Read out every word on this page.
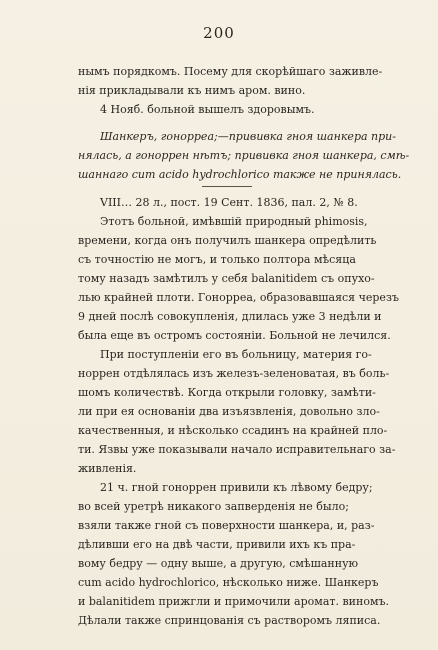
200
нымъ порядкомъ. Посему для скорѣйшаго заживле-
нія прикладывали къ нимъ аром. вино.
4 Нояб. больной вышелъ здоровымъ.
Шанкеръ, гонорреа;—прививка гноя шанкера при-
нялась, а гоноррен нѣтъ; прививка гноя шанкера, смѣ-
шаннаго cum acido hydrochlorico также не принялась.
VIII… 28 л., пост. 19 Сент. 1836, пал. 2, № 8.
Этотъ больной, имѣвшій природный phimosis,
времени, когда онъ получилъ шанкера опредѣлить
съ точностію не могъ, и только полтора мѣсяца
тому назадъ замѣтилъ у себя balanitidem съ опухо-
лью крайней плоти. Гонорреа, образовавшаяся черезъ
9 дней послѣ совокупленія, длилась уже 3 недѣли и
была еще въ остромъ состояніи. Больной не лечился.
При поступленіи его въ больницу, материя го-
норрен отдѣлялась изъ железъ-зеленоватая, въ боль-
шомъ количествѣ. Когда открыли головку, замѣти-
ли при ея основаніи два изъязвленія, довольно зло-
качественныя, и нѣсколько ссадинъ на крайней пло-
ти. Язвы уже показывали начало исправительнаго за-
живленія.
21 ч. гной гоноррен привили къ лѣвому бедру;
во всей уретрѣ никакого запверденія не было;
взяли также гной съ поверхности шанкера, и, раз-
дѣливши его на двѣ части, привили ихъ къ пра-
вому бедру — одну выше, а другую, смѣшанную
cum acido hydrochlorico, нѣсколько ниже. Шанкеръ
и balanitidem прижгли и примочили аромат. виномъ.
Дѣлали также спринцованія съ растворомъ ляписа.
